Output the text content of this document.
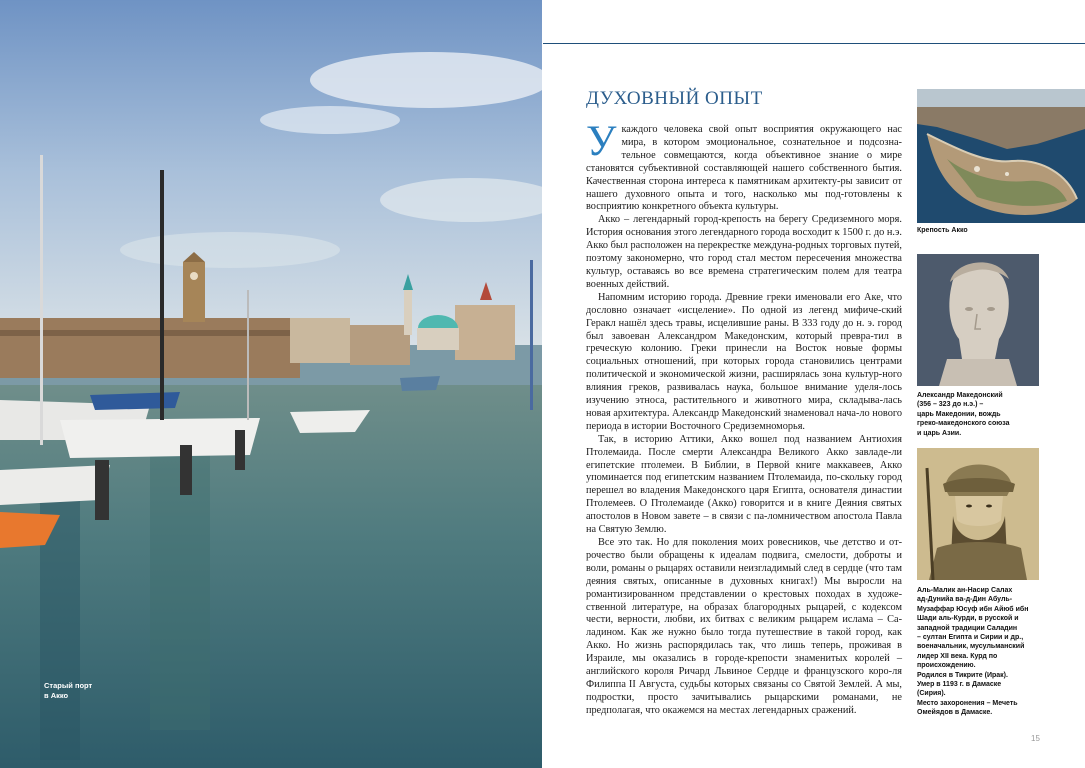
Старый порт
в Акко
ДУХОВНЫЙ ОПЫТ

У каждого человека свой опыт восприятия окружающего нас мира, в котором эмоциональное, сознательное и подсозна-тельное совмещаются, когда объективное знание о мире становятся субъективной составляющей нашего собственного бытия. Качественная сторона интереса к памятникам архитекту-ры зависит от нашего духовного опыта и того, насколько мы под-готовлены к восприятию конкретного объекта культуры.

Акко – легендарный город-крепость на берегу Средиземного моря. История основания этого легендарного города восходит к 1500 г. до н.э. Акко был расположен на перекрестке междуна-родных торговых путей, поэтому закономерно, что город стал местом пересечения множества культур, оставаясь во все времена стратегическим полем для театра военных действий.

Напомним историю города. Древние греки именовали его Аке, что дословно означает «исцеление». По одной из легенд мифиче-ский Геракл нашёл здесь травы, исцелившие раны. В 333 году до н. э. город был завоеван Александром Македонским, который превра-тил в греческую колонию. Греки принесли на Восток новые формы социальных отношений, при которых города становились центрами политической и экономической жизни, расширялась зона культур-ного влияния греков, развивалась наука, большое внимание уделя-лось изучению этноса, растительного и животного мира, складыва-лась новая архитектура. Александр Македонский знаменовал нача-ло нового периода в истории Восточного Средиземноморья.

Так, в историю Аттики, Акко вошел под названием Антиохия Птолемаида. После смерти Александра Великого Акко завладе-ли египетские птолемеи. В Библии, в Первой книге маккавеев, Акко упоминается под египетским названием Птолемаида, по-скольку город перешел во владения Македонского царя Египта, основателя династии Птолемеев. О Птолемаиде (Акко) говорится и в книге Деяния святых апостолов в Новом завете – в связи с па-ломничеством апостола Павла на Святую Землю.

Все это так. Но для поколения моих ровесников, чье детство и от-рочество были обращены к идеалам подвига, смелости, доброты и воли, романы о рыцарях оставили неизгладимый след в сердце (что там деяния святых, описанные в духовных книгах!) Мы выросли на романтизированном представлении о крестовых походах в художе-ственной литературе, на образах благородных рыцарей, с кодексом чести, верности, любви, их битвах с великим рыцарем ислама – Са-ладином. Как же нужно было тогда путешествие в такой город, как Акко. Но жизнь распорядилась так, что лишь теперь, проживая в Израиле, мы оказались в городе-крепости знаменитых королей – английского короля Ричард Львиное Сердце и французского коро-ля Филиппа II Августа, судьбы которых связаны со Святой Землей. А мы, подростки, просто зачитывались рыцарскими романами, не предполагая, что окажемся на местах легендарных сражений.

Крепость Акко
Александр Македонский
(356 – 323 до н.э.) –
царь Македонии, вождь
греко-македонского союза
и царь Азии.
Аль-Малик ан-Насир Салах
ад-Дунийа ва-д-Дин Абуль-
Музаффар Юсуф ибн Айюб ибн
Шади аль-Курди, в русской и
западной традиции Саладин
– султан Египта и Сирии и др.,
военачальник, мусульманский
лидер XII века. Курд по
происхождению.
Родился в Тикрите (Ирак).
Умер в 1193 г. в Дамаске
(Сирия).
Место захоронения – Мечеть
Омейядов в Дамаске.
15
